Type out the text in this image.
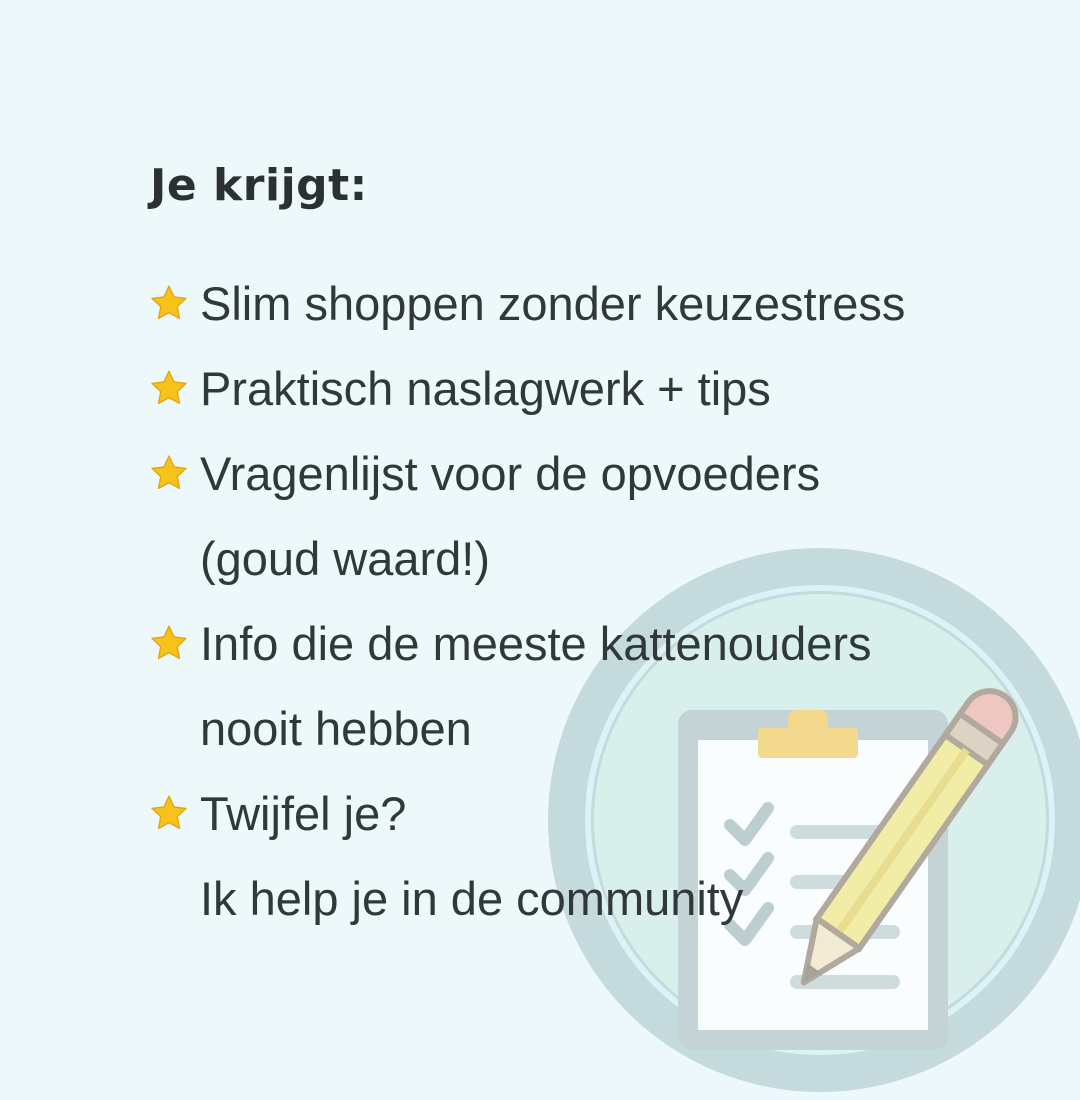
Je krijgt:
Slim shoppen zonder keuzestress
Praktisch naslagwerk + tips
Vragenlijst voor de opvoeders
(goud waard!)
Info die de meeste kattenouders
nooit hebben
Twijfel je?
Ik help je in de community
